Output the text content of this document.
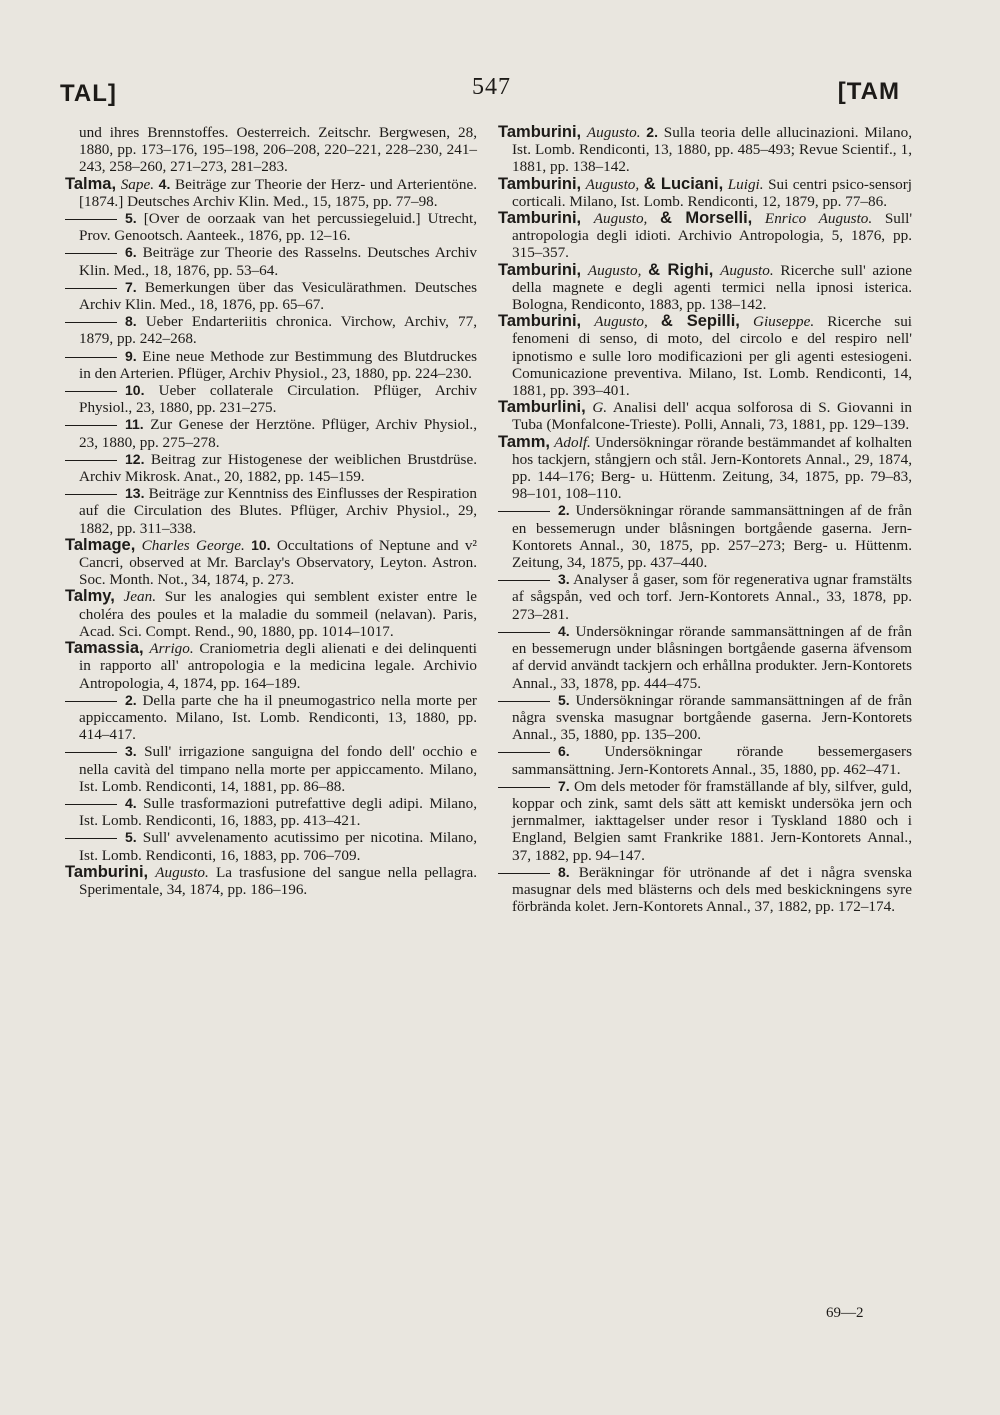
TAL]	547	[TAM

und ihres Brennstoffes. Oesterreich. Zeitschr. Bergwesen, 28, 1880, pp. 173–176, 195–198, 206–208, 220–221, 228–230, 241–243, 258–260, 271–273, 281–283.

Talma, Sape. 4. Beiträge zur Theorie der Herz- und Arterientöne. [1874.] Deutsches Archiv Klin. Med., 15, 1875, pp. 77–98.

5. [Over de oorzaak van het percussiegeluid.] Utrecht, Prov. Genootsch. Aanteek., 1876, pp. 12–16.

6. Beiträge zur Theorie des Rasselns. Deutsches Archiv Klin. Med., 18, 1876, pp. 53–64.

7. Bemerkungen über das Vesiculärathmen. Deutsches Archiv Klin. Med., 18, 1876, pp. 65–67.

8. Ueber Endarteriitis chronica. Virchow, Archiv, 77, 1879, pp. 242–268.

9. Eine neue Methode zur Bestimmung des Blutdruckes in den Arterien. Pflüger, Archiv Physiol., 23, 1880, pp. 224–230.

10. Ueber collaterale Circulation. Pflüger, Archiv Physiol., 23, 1880, pp. 231–275.

11. Zur Genese der Herztöne. Pflüger, Archiv Physiol., 23, 1880, pp. 275–278.

12. Beitrag zur Histogenese der weiblichen Brustdrüse. Archiv Mikrosk. Anat., 20, 1882, pp. 145–159.

13. Beiträge zur Kenntniss des Einflusses der Respiration auf die Circulation des Blutes. Pflüger, Archiv Physiol., 29, 1882, pp. 311–338.

Talmage, Charles George. 10. Occultations of Neptune and v² Cancri, observed at Mr. Barclay's Observatory, Leyton. Astron. Soc. Month. Not., 34, 1874, p. 273.

Talmy, Jean. Sur les analogies qui semblent exister entre le choléra des poules et la maladie du sommeil (nelavan). Paris, Acad. Sci. Compt. Rend., 90, 1880, pp. 1014–1017.

Tamassia, Arrigo. Craniometria degli alienati e dei delinquenti in rapporto all' antropologia e la medicina legale. Archivio Antropologia, 4, 1874, pp. 164–189.

2. Della parte che ha il pneumogastrico nella morte per appiccamento. Milano, Ist. Lomb. Rendiconti, 13, 1880, pp. 414–417.

3. Sull' irrigazione sanguigna del fondo dell' occhio e nella cavità del timpano nella morte per appiccamento. Milano, Ist. Lomb. Rendiconti, 14, 1881, pp. 86–88.

4. Sulle trasformazioni putrefattive degli adipi. Milano, Ist. Lomb. Rendiconti, 16, 1883, pp. 413–421.

5. Sull' avvelenamento acutissimo per nicotina. Milano, Ist. Lomb. Rendiconti, 16, 1883, pp. 706–709.

Tamburini, Augusto. La trasfusione del sangue nella pellagra. Sperimentale, 34, 1874, pp. 186–196.

Tamburini, Augusto. 2. Sulla teoria delle allucinazioni. Milano, Ist. Lomb. Rendiconti, 13, 1880, pp. 485–493; Revue Scientif., 1, 1881, pp. 138–142.

Tamburini, Augusto, & Luciani, Luigi. Sui centri psico-sensorj corticali. Milano, Ist. Lomb. Rendiconti, 12, 1879, pp. 77–86.

Tamburini, Augusto, & Morselli, Enrico Augusto. Sull' antropologia degli idioti. Archivio Antropologia, 5, 1876, pp. 315–357.

Tamburini, Augusto, & Righi, Augusto. Ricerche sull' azione della magnete e degli agenti termici nella ipnosi isterica. Bologna, Rendiconto, 1883, pp. 138–142.

Tamburini, Augusto, & Sepilli, Giuseppe. Ricerche sui fenomeni di senso, di moto, del circolo e del respiro nell' ipnotismo e sulle loro modificazioni per gli agenti estesiogeni. Comunicazione preventiva. Milano, Ist. Lomb. Rendiconti, 14, 1881, pp. 393–401.

Tamburlini, G. Analisi dell' acqua solforosa di S. Giovanni in Tuba (Monfalcone-Trieste). Polli, Annali, 73, 1881, pp. 129–139.

Tamm, Adolf. Undersökningar rörande bestämmandet af kolhalten hos tackjern, stångjern och stål. Jern-Kontorets Annal., 29, 1874, pp. 144–176; Berg- u. Hüttenm. Zeitung, 34, 1875, pp. 79–83, 98–101, 108–110.

2. Undersökningar rörande sammansättningen af de från en bessemerugn under blåsningen bortgående gaserna. Jern-Kontorets Annal., 30, 1875, pp. 257–273; Berg- u. Hüttenm. Zeitung, 34, 1875, pp. 437–440.

3. Analyser å gaser, som för regenerativa ugnar framstälts af sågspån, ved och torf. Jern-Kontorets Annal., 33, 1878, pp. 273–281.

4. Undersökningar rörande sammansättningen af de från en bessemerugn under blåsningen bortgående gaserna äfvensom af dervid användt tackjern och erhållna produkter. Jern-Kontorets Annal., 33, 1878, pp. 444–475.

5. Undersökningar rörande sammansättningen af de från några svenska masugnar bortgående gaserna. Jern-Kontorets Annal., 35, 1880, pp. 135–200.

6. Undersökningar rörande bessemergasers sammansättning. Jern-Kontorets Annal., 35, 1880, pp. 462–471.

7. Om dels metoder för framställande af bly, silfver, guld, koppar och zink, samt dels sätt att kemiskt undersöka jern och jernmalmer, iakttagelser under resor i Tyskland 1880 och i England, Belgien samt Frankrike 1881. Jern-Kontorets Annal., 37, 1882, pp. 94–147.

8. Beräkningar för utrönande af det i några svenska masugnar dels med blästerns och dels med beskickningens syre förbrända kolet. Jern-Kontorets Annal., 37, 1882, pp. 172–174.

69—2
